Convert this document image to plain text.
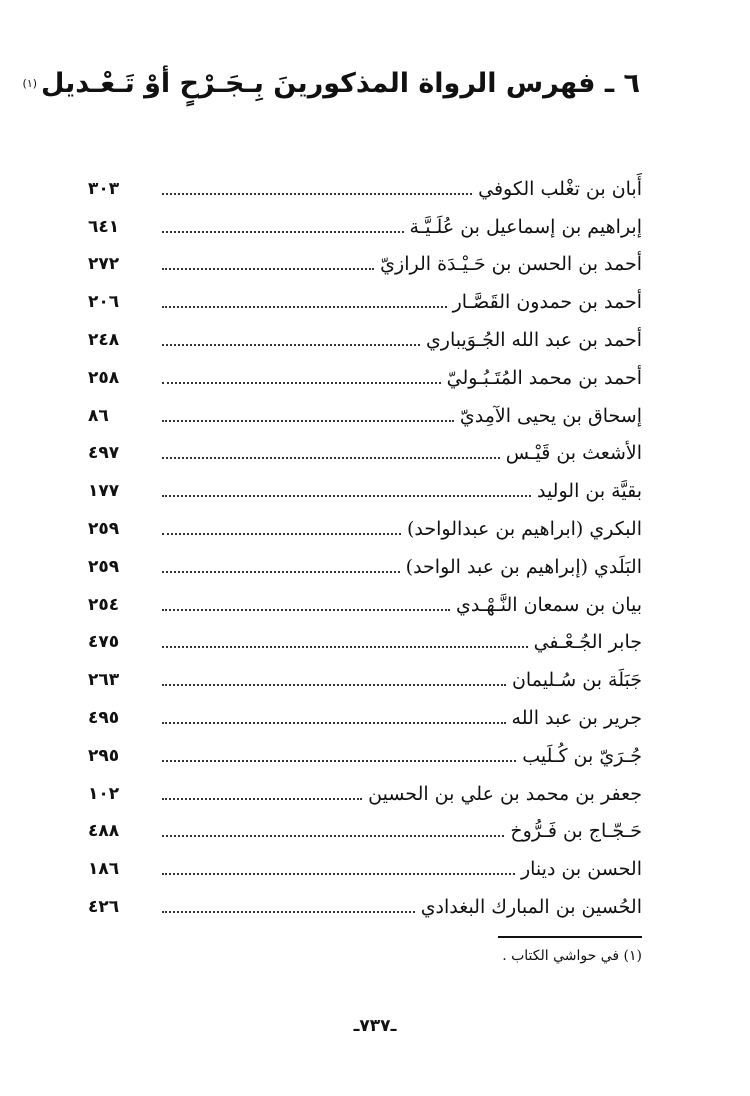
٦ ـ فهرس الرواة المذكورينَ بِـجَـرْحٍ أوْ تَـعْـديل$^{(١)}$
أَبان بن تغْلب الكوفي
٣٠٣
إبراهيم بن إسماعيل بن عُلَـيَّـة
٦٤١
أحمد بن الحسن بن حَـيْـدَة الرازيّ
٢٧٢
أحمد بن حمدون القَصَّـار
٢٠٦
أحمد بن عبد الله الجُـوَيباري
٢٤٨
أحمد بن محمد المُتَـبُـوليّ
٢٥٨
إسحاق بن يحيى الآمِديّ
٨٦
الأشعث بن قَيْـس
٤٩٧
بقيَّة بن الوليد
١٧٧
البكري (ابراهيم بن عبدالواحد)
٢٥٩
البَلَدي (إبراهيم بن عبد الواحد)
٢٥٩
بيان بن سمعان النَّـهْـدي
٢٥٤
جابر الجُـعْـفي
٤٧٥
جَبَلَة بن سُـليمان
٢٦٣
جرير بن عبد الله
٤٩٥
جُـرَيّ بن كُـلَيب
٢٩٥
جعفر بن محمد بن علي بن الحسين
١٠٢
حَـجّـاج بن فَـرُّوخ
٤٨٨
الحسن بن دينار
١٨٦
الحُسين بن المبارك البغدادي
٤٢٦
(١) في حواشي الكتاب .
ـ٧٣٧ـ
